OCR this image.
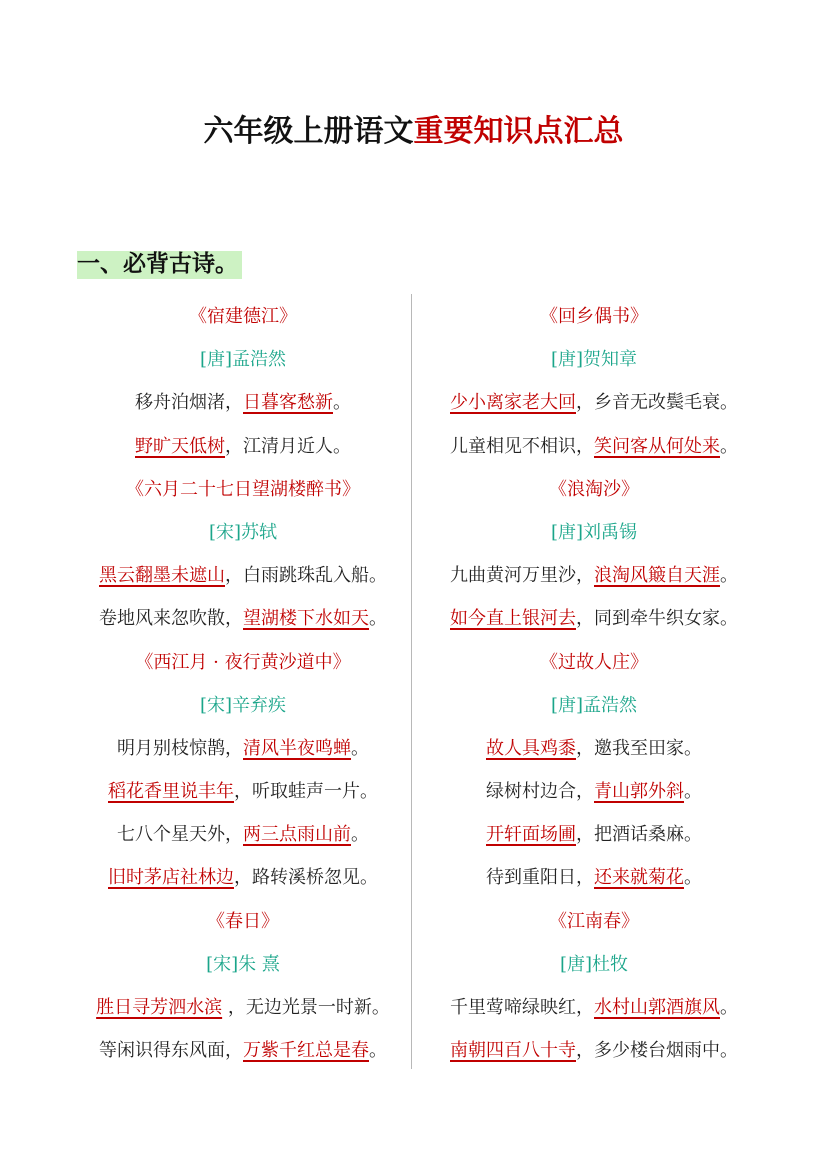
六年级上册语文重要知识点汇总
一、必背古诗。
《宿建德江》
[唐]孟浩然
移舟泊烟渚，日暮客愁新。
野旷天低树，江清月近人。
《六月二十七日望湖楼醉书》
[宋]苏轼
黑云翻墨未遮山，白雨跳珠乱入船。
卷地风来忽吹散，望湖楼下水如天。
《西江月 · 夜行黄沙道中》
[宋]辛弃疾
明月别枝惊鹊，清风半夜鸣蝉。
稻花香里说丰年，听取蛙声一片。
七八个星天外，两三点雨山前。
旧时茅店社林边，路转溪桥忽见。
《春日》
[宋]朱 熹
胜日寻芳泗水滨 ，无边光景一时新。
等闲识得东风面，万紫千红总是春。
《回乡偶书》
[唐]贺知章
少小离家老大回，乡音无改鬓毛衰。
儿童相见不相识，笑问客从何处来。
《浪淘沙》
[唐]刘禹锡
九曲黄河万里沙，浪淘风簸自天涯。
如今直上银河去，同到牵牛织女家。
《过故人庄》
[唐]孟浩然
故人具鸡黍，邀我至田家。
绿树村边合，青山郭外斜。
开轩面场圃，把酒话桑麻。
待到重阳日，还来就菊花。
《江南春》
[唐]杜牧
千里莺啼绿映红，水村山郭酒旗风。
南朝四百八十寺，多少楼台烟雨中。
